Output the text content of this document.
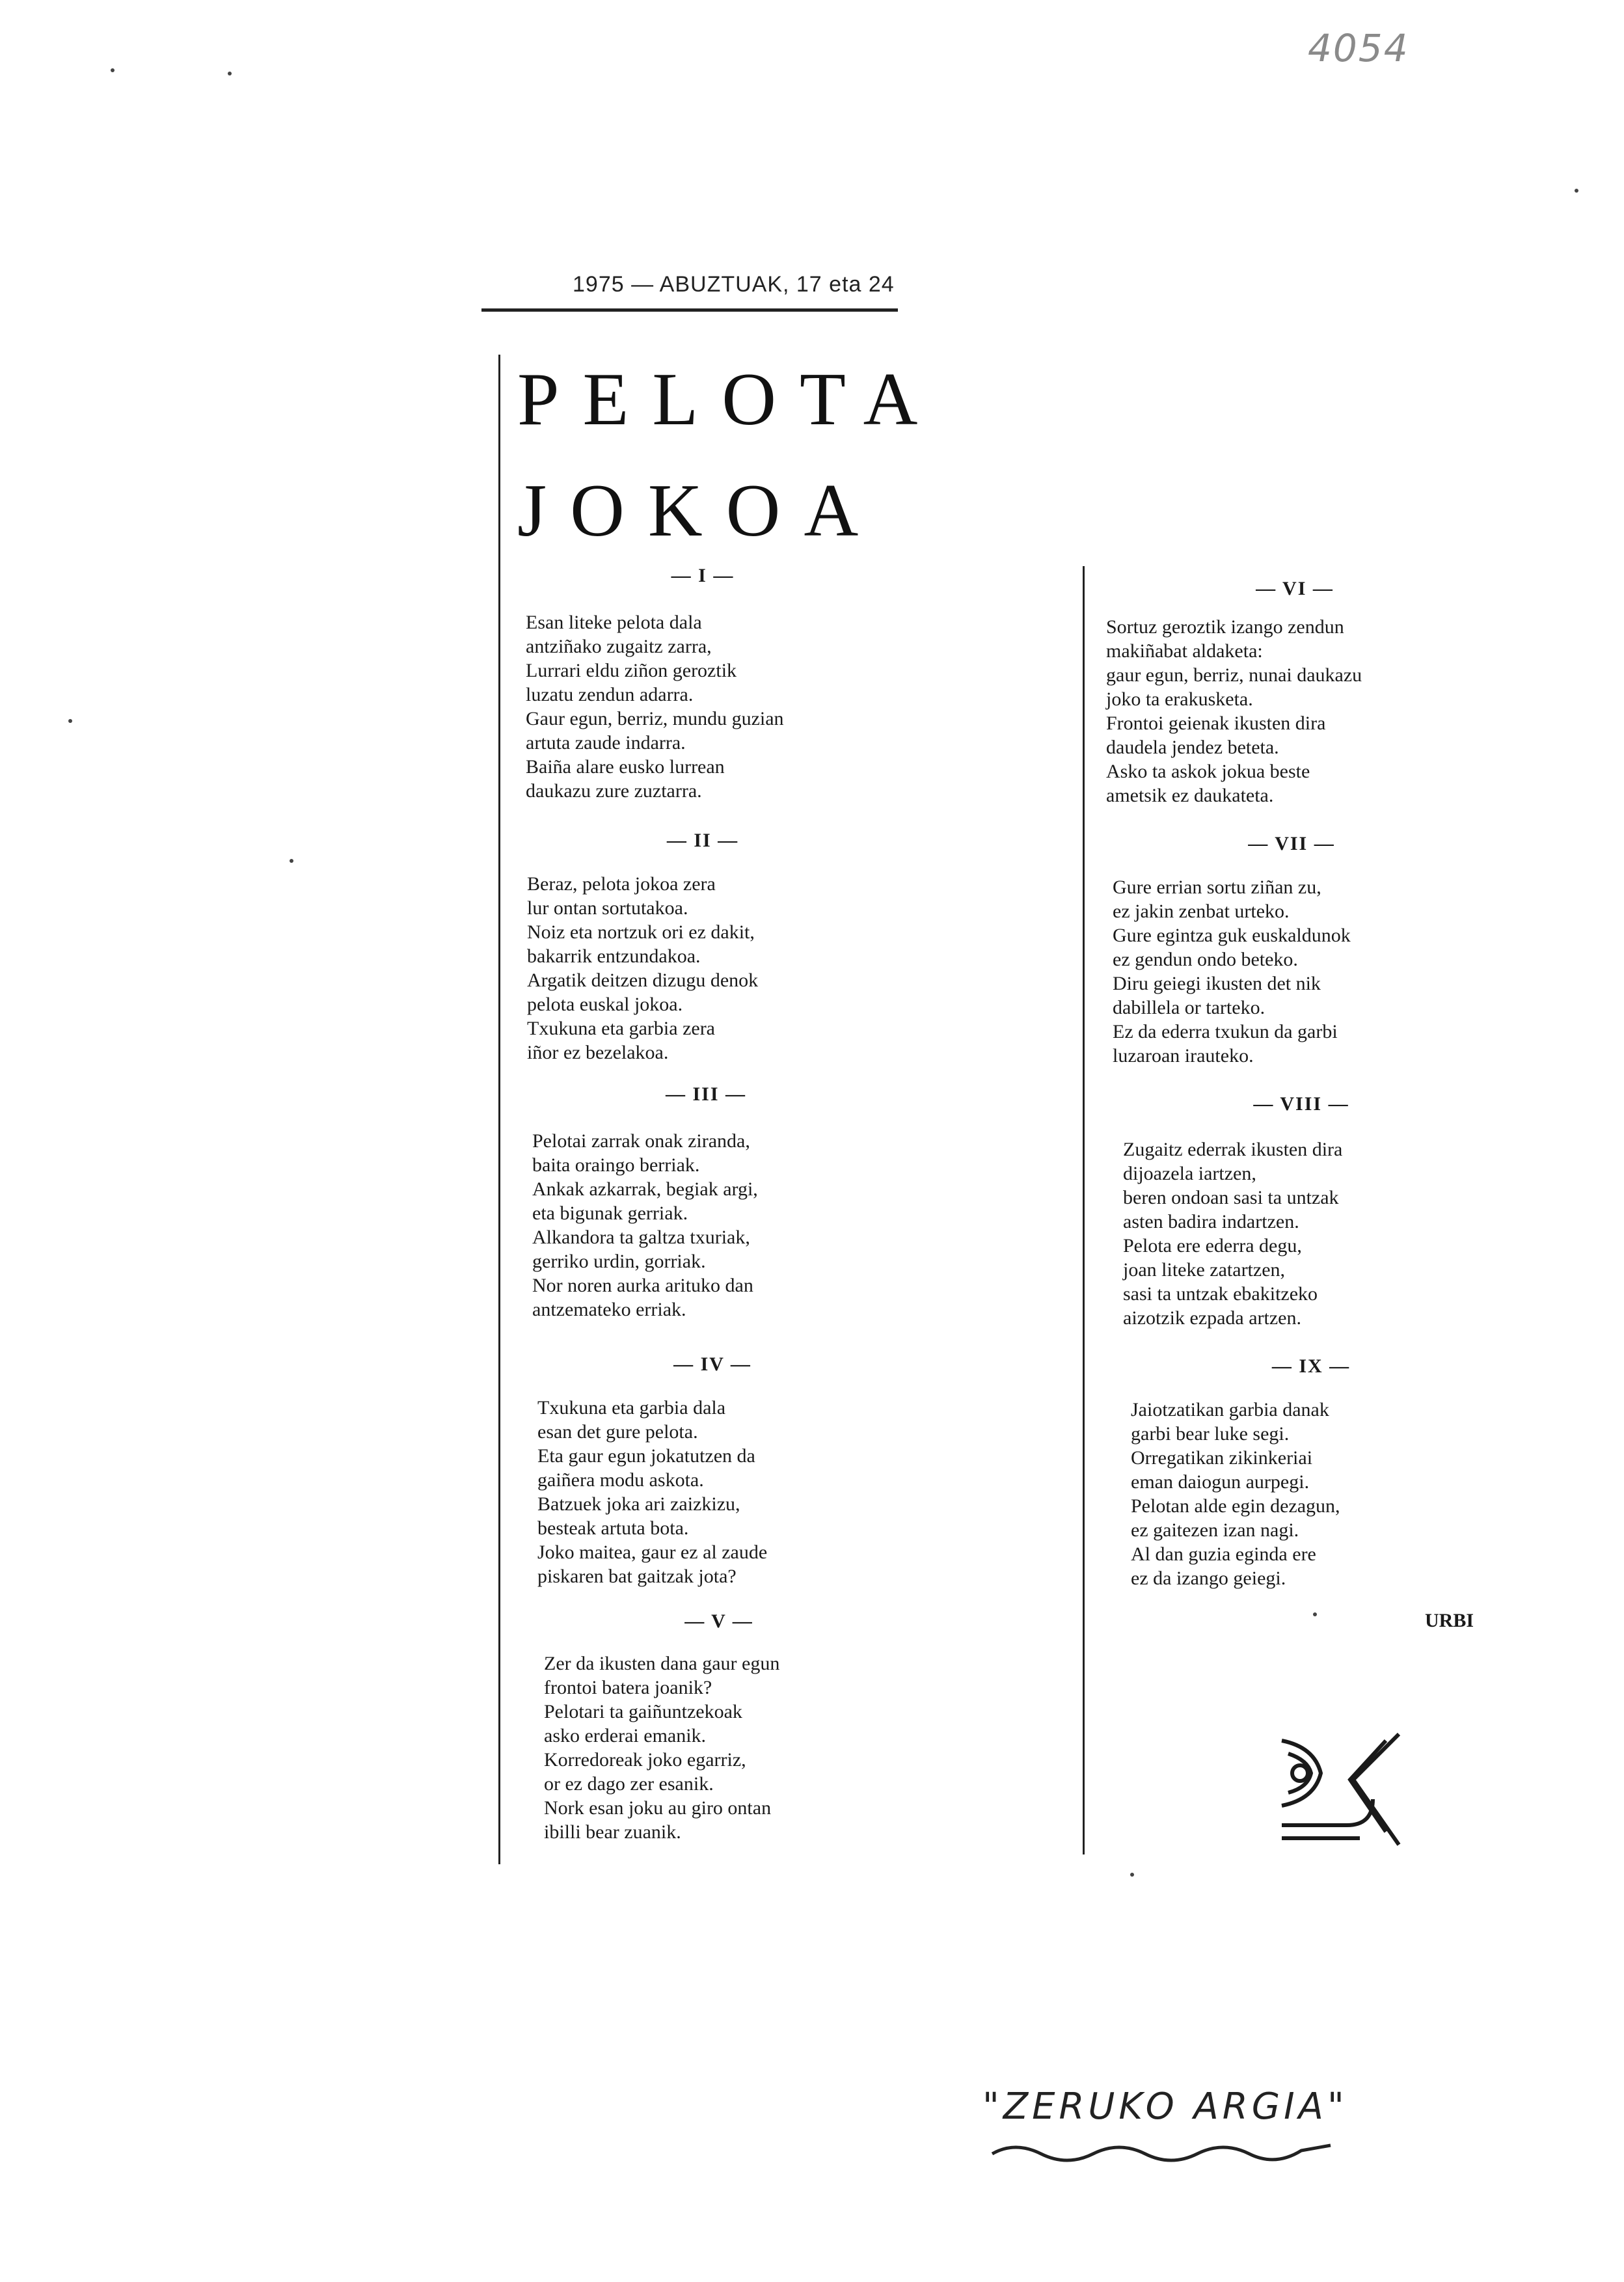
4054
1975 — ABUZTUAK, 17 eta 24
PELOTA
JOKOA
— I —
Esan liteke pelota dala
antziñako zugaitz zarra,
Lurrari eldu ziñon geroztik
luzatu zendun adarra.
Gaur egun, berriz, mundu guzian
artuta zaude indarra.
Baiña alare eusko lurrean
daukazu zure zuztarra.
— II —
Beraz, pelota jokoa zera
lur ontan sortutakoa.
Noiz eta nortzuk ori ez dakit,
bakarrik entzundakoa.
Argatik deitzen dizugu denok
pelota euskal jokoa.
Txukuna eta garbia zera
iñor ez bezelakoa.
— III —
Pelotai zarrak onak ziranda,
baita oraingo berriak.
Ankak azkarrak, begiak argi,
eta bigunak gerriak.
Alkandora ta galtza txuriak,
gerriko urdin, gorriak.
Nor noren aurka arituko dan
antzemateko erriak.
— IV —
Txukuna eta garbia dala
esan det gure pelota.
Eta gaur egun jokatutzen da
gaiñera modu askota.
Batzuek joka ari zaizkizu,
besteak artuta bota.
Joko maitea, gaur ez al zaude
piskaren bat gaitzak jota?
— V —
Zer da ikusten dana gaur egun
frontoi batera joanik?
Pelotari ta gaiñuntzekoak
asko erderai emanik.
Korredoreak joko egarriz,
or ez dago zer esanik.
Nork esan joku au giro ontan
ibilli bear zuanik.
— VI —
Sortuz geroztik izango zendun
makiñabat aldaketa:
gaur egun, berriz, nunai daukazu
joko ta erakusketa.
Frontoi geienak ikusten dira
daudela jendez beteta.
Asko ta askok jokua beste
ametsik ez daukateta.
— VII —
Gure errian sortu ziñan zu,
ez jakin zenbat urteko.
Gure egintza guk euskaldunok
ez gendun ondo beteko.
Diru geiegi ikusten det nik
dabillela or tarteko.
Ez da ederra txukun da garbi
luzaroan irauteko.
— VIII —
Zugaitz ederrak ikusten dira
dijoazela iartzen,
beren ondoan sasi ta untzak
asten badira indartzen.
Pelota ere ederra degu,
joan liteke zatartzen,
sasi ta untzak ebakitzeko
aizotzik ezpada artzen.
— IX —
Jaiotzatikan garbia danak
garbi bear luke segi.
Orregatikan zikinkeriai
eman daiogun aurpegi.
Pelotan alde egin dezagun,
ez gaitezen izan nagi.
Al dan guzia egindа ere
ez da izango geiegi.
URBI
"ZERUKO ARGIA"
